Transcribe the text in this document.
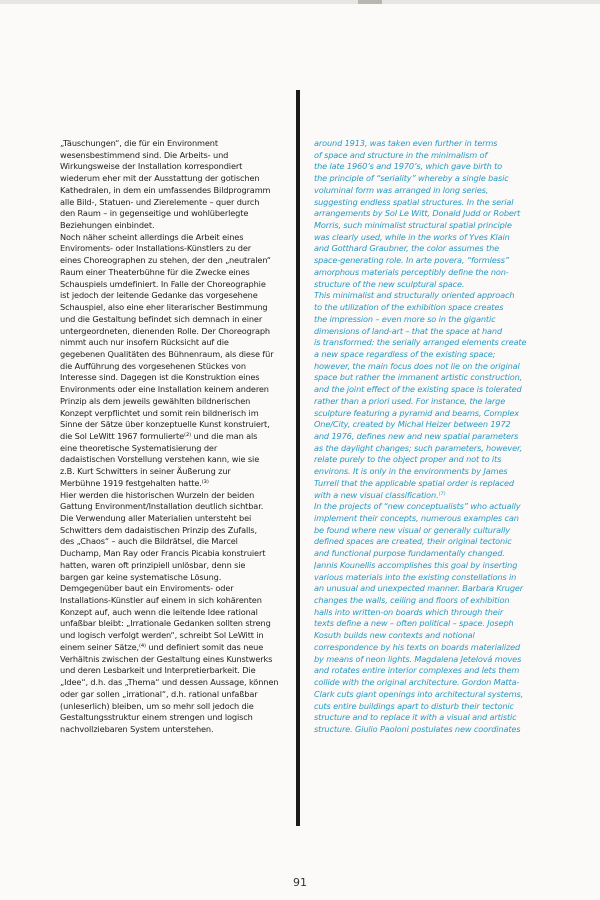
„Täuschungen“, die für ein Environment
wesensbestimmend sind. Die Arbeits- und
Wirkungsweise der Installation korrespondiert
wiederum eher mit der Ausstattung der gotischen
Kathedralen, in dem ein umfassendes Bildprogramm
alle Bild-, Statuen- und Zierelemente – quer durch
den Raum – in gegenseitige und wohlüberlegte
Beziehungen einbindet.
Noch näher scheint allerdings die Arbeit eines
Enviroments- oder Installations-Künstlers zu der
eines Choreographen zu stehen, der den „neutralen“
Raum einer Theaterbühne für die Zwecke eines
Schauspiels umdefiniert. In Falle der Choreographie
ist jedoch der leitende Gedanke das vorgesehene
Schauspiel, also eine eher literarischer Bestimmung
und die Gestaltung befindet sich demnach in einer
untergeordneten, dienenden Rolle. Der Choreograph
nimmt auch nur insofern Rücksicht auf die
gegebenen Qualitäten des Bühnenraum, als diese für
die Aufführung des vorgesehenen Stückes von
Interesse sind. Dagegen ist die Konstruktion eines
Environments oder eine Installation keinem anderen
Prinzip als dem jeweils gewählten bildnerischen
Konzept verpflichtet und somit rein bildnerisch im
Sinne der Sätze über konzeptuelle Kunst konstruiert,
die Sol LeWitt 1967 formulierte⁽²⁾ und die man als
eine theoretische Systematisierung der
dadaistischen Vorstellung verstehen kann, wie sie
z.B. Kurt Schwitters in seiner Äußerung zur
Merbühne 1919 festgehalten hatte.⁽³⁾
Hier werden die historischen Wurzeln der beiden
Gattung Environment/Installation deutlich sichtbar.
Die Verwendung aller Materialien untersteht bei
Schwitters dem dadaistischen Prinzip des Zufalls,
des „Chaos“ – auch die Bildrätsel, die Marcel
Duchamp, Man Ray oder Francis Picabia konstruiert
hatten, waren oft prinzipiell unlösbar, denn sie
bargen gar keine systematische Lösung.
Demgegenüber baut ein Enviroments- oder
Installations-Künstler auf einem in sich kohärenten
Konzept auf, auch wenn die leitende Idee rational
unfaßbar bleibt: „Irrationale Gedanken sollten streng
und logisch verfolgt werden“, schreibt Sol LeWitt in
einem seiner Sätze,⁽⁴⁾ und definiert somit das neue
Verhältnis zwischen der Gestaltung eines Kunstwerks
und deren Lesbarkeit und Interpretierbarkeit. Die
„Idee“, d.h. das „Thema“ und dessen Aussage, können
oder gar sollen „irrational“, d.h. rational unfaßbar
(unleserlich) bleiben, um so mehr soll jedoch die
Gestaltungsstruktur einem strengen und logisch
nachvollziebaren System unterstehen.
around 1913, was taken even further in terms
of space and structure in the minimalism of
the late 1960’s and 1970’s, which gave birth to
the principle of “seriality” whereby a single basic
voluminal form was arranged in long series,
suggesting endless spatial structures. In the serial
arrangements by Sol Le Witt, Donald Judd or Robert
Morris, such minimalist structural spatial principle
was clearly used, while in the works of Yves Klain
and Gotthard Graubner, the color assumes the
space-generating role. In arte povera, “formless”
amorphous materials perceptibly define the non-
structure of the new sculptural space.
This minimalist and structurally oriented approach
to the utilization of the exhibition space creates
the impression – even more so in the gigantic
dimensions of land-art – that the space at hand
is transformed: the serially arranged elements create
a new space regardless of the existing space;
however, the main focus does not lie on the original
space but rather the immanent artistic construction,
and the joint effect of the existing space is tolerated
rather than a priori used. For instance, the large
sculpture featuring a pyramid and beams, Complex
One/City, created by Michal Heizer between 1972
and 1976, defines new and new spatial parameters
as the daylight changes; such parameters, however,
relate purely to the object proper and not to its
environs. It is only in the environments by James
Turrell that the applicable spatial order is replaced
with a new visual classification.⁽⁷⁾
In the projects of “new conceptualists” who actually
implement their concepts, numerous examples can
be found where new visual or generally culturally
defined spaces are created, their original tectonic
and functional purpose fundamentally changed.
Jannis Kounellis accomplishes this goal by inserting
various materials into the existing constellations in
an unusual and unexpected manner. Barbara Kruger
changes the walls, ceiling and floors of exhibition
halls into written-on boards which through their
texts define a new – often political – space. Joseph
Kosuth builds new contexts and notional
correspondence by his texts on boards materialized
by means of neon lights. Magdalena Jetelová moves
and rotates entire interior complexes and lets them
collide with the original architecture. Gordon Matta-
Clark cuts giant openings into architectural systems,
cuts entire buildings apart to disturb their tectonic
structure and to replace it with a visual and artistic
structure. Giulio Paoloni postulates new coordinates
91
